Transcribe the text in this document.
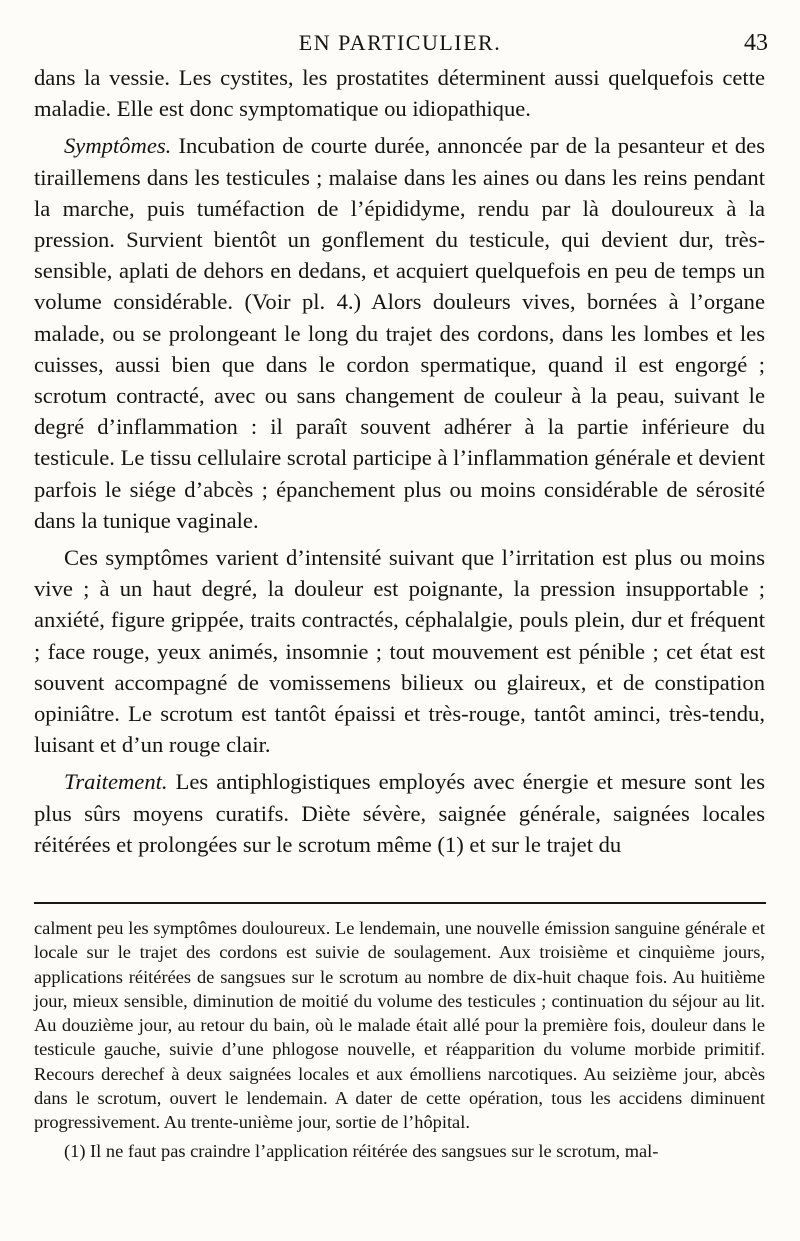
EN PARTICULIER.	43

dans la vessie. Les cystites, les prostatites déterminent aussi quelquefois cette maladie. Elle est donc symptomatique ou idiopathique.

Symptômes. Incubation de courte durée, annoncée par de la pesanteur et des tiraillemens dans les testicules ; malaise dans les aines ou dans les reins pendant la marche, puis tuméfaction de l’épididyme, rendu par là douloureux à la pression. Survient bientôt un gonflement du testicule, qui devient dur, très-sensible, aplati de dehors en dedans, et acquiert quelquefois en peu de temps un volume considérable. (Voir pl. 4.) Alors douleurs vives, bornées à l’organe malade, ou se prolongeant le long du trajet des cordons, dans les lombes et les cuisses, aussi bien que dans le cordon spermatique, quand il est engorgé ; scrotum contracté, avec ou sans changement de couleur à la peau, suivant le degré d’inflammation : il paraît souvent adhérer à la partie inférieure du testicule. Le tissu cellulaire scrotal participe à l’inflammation générale et devient parfois le siége d’abcès ; épanchement plus ou moins considérable de sérosité dans la tunique vaginale.

Ces symptômes varient d’intensité suivant que l’irritation est plus ou moins vive ; à un haut degré, la douleur est poignante, la pression insupportable ; anxiété, figure grippée, traits contractés, céphalalgie, pouls plein, dur et fréquent ; face rouge, yeux animés, insomnie ; tout mouvement est pénible ; cet état est souvent accompagné de vomissemens bilieux ou glaireux, et de constipation opiniâtre. Le scrotum est tantôt épaissi et très-rouge, tantôt aminci, très-tendu, luisant et d’un rouge clair.

Traitement. Les antiphlogistiques employés avec énergie et mesure sont les plus sûrs moyens curatifs. Diète sévère, saignée générale, saignées locales réitérées et prolongées sur le scrotum même (1) et sur le trajet du

calment peu les symptômes douloureux. Le lendemain, une nouvelle émission sanguine générale et locale sur le trajet des cordons est suivie de soulagement. Aux troisième et cinquième jours, applications réitérées de sangsues sur le scrotum au nombre de dix-huit chaque fois. Au huitième jour, mieux sensible, diminution de moitié du volume des testicules ; continuation du séjour au lit. Au douzième jour, au retour du bain, où le malade était allé pour la première fois, douleur dans le testicule gauche, suivie d’une phlogose nouvelle, et réapparition du volume morbide primitif. Recours derechef à deux saignées locales et aux émolliens narcotiques. Au seizième jour, abcès dans le scrotum, ouvert le lendemain. A dater de cette opération, tous les accidens diminuent progressivement. Au trente-unième jour, sortie de l’hôpital.

(1) Il ne faut pas craindre l’application réitérée des sangsues sur le scrotum, mal-
